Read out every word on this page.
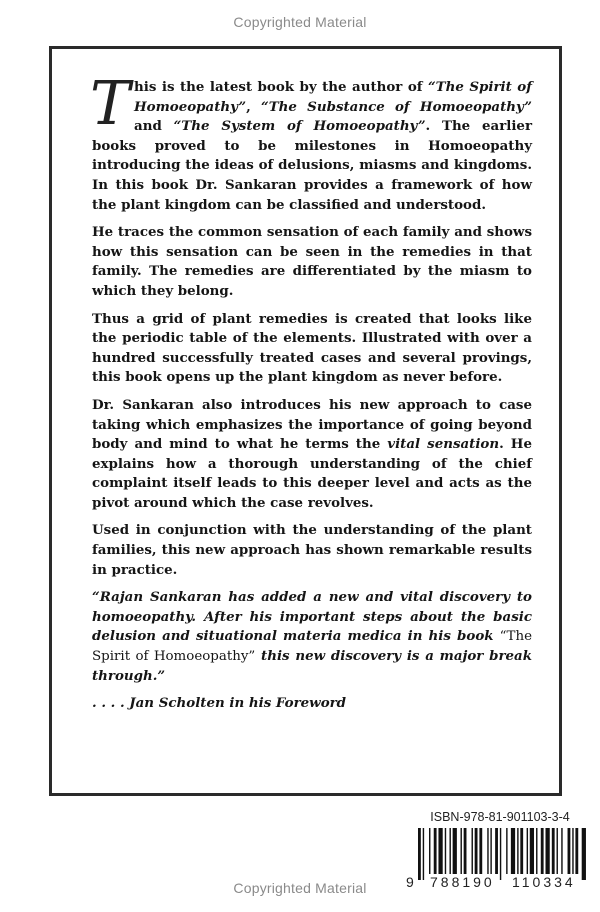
Copyrighted Material

This is the latest book by the author of “The Spirit of Homoeopathy”, “The Substance of Homoeopathy” and “The System of Homoeopathy”. The earlier books proved to be milestones in Homoeopathy introducing the ideas of delusions, miasms and kingdoms. In this book Dr. Sankaran provides a framework of how the plant kingdom can be classified and understood.

He traces the common sensation of each family and shows how this sensation can be seen in the remedies in that family. The remedies are differentiated by the miasm to which they belong.

Thus a grid of plant remedies is created that looks like the periodic table of the elements. Illustrated with over a hundred successfully treated cases and several provings, this book opens up the plant kingdom as never before.

Dr. Sankaran also introduces his new approach to case taking which emphasizes the importance of going beyond body and mind to what he terms the vital sensation. He explains how a thorough understanding of the chief complaint itself leads to this deeper level and acts as the pivot around which the case revolves.

Used in conjunction with the understanding of the plant families, this new approach has shown remarkable results in practice.

“Rajan Sankaran has added a new and vital discovery to homoeopathy. After his important steps about the basic delusion and situational materia medica in his book “The Spirit of Homoeopathy” this new discovery is a major break through.”

. . . . Jan Scholten in his Foreword

ISBN-978-81-901103-3-4
9 788190 110334
Copyrighted Material
